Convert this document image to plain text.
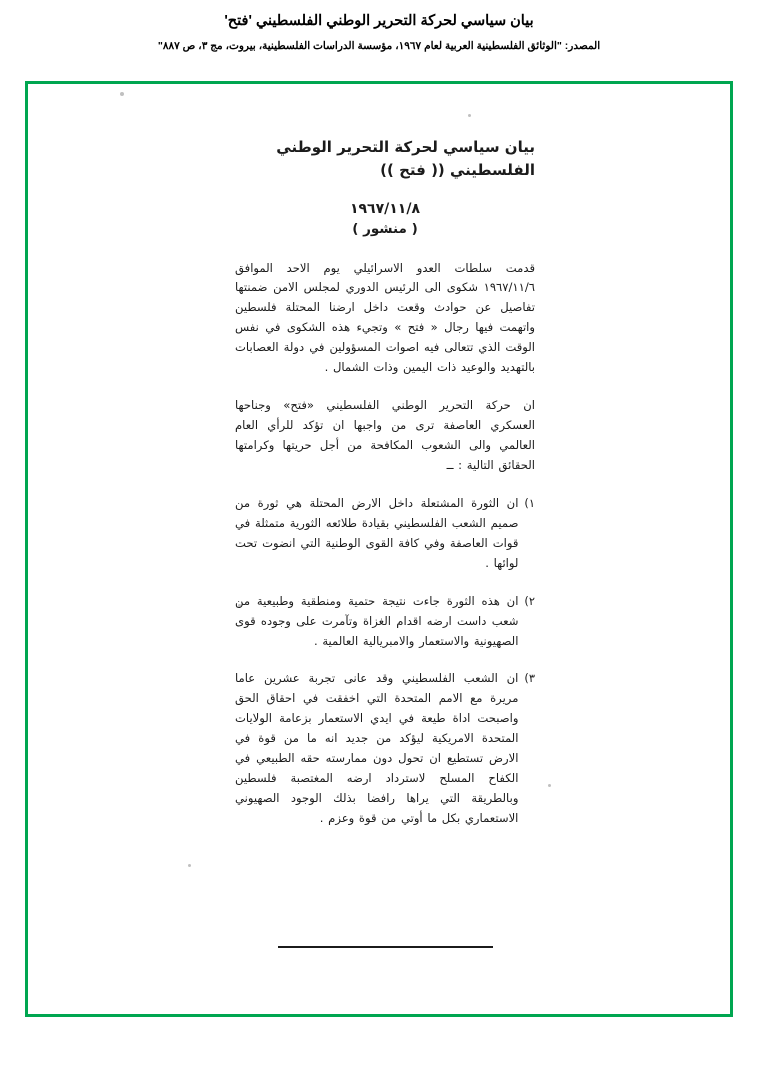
بيان سياسي لحركة التحرير الوطني الفلسطيني 'فتح'
المصدر: "الوثائق الفلسطينية العربية لعام ١٩٦٧، مؤسسة الدراسات الفلسطينية، بيروت، مج ٣، ص ٨٨٧"
بيان سياسي لحركة التحرير الوطني الفلسطيني (( فتح ))
١٩٦٧/١١/٨
( منشور )
قدمت سلطات العدو الاسرائيلي يوم الاحد الموافق ١٩٦٧/١١/٦ شكوى الى الرئيس الدوري لمجلس الامن ضمنتها تفاصيل عن حوادث وقعت داخل ارضنا المحتلة فلسطين واتهمت فيها رجال « فتح » وتجيء هذه الشكوى في نفس الوقت الذي تتعالى فيه اصوات المسؤولين في دولة العصابات بالتهديد والوعيد ذات اليمين وذات الشمال .
ان حركة التحرير الوطني الفلسطيني «فتح» وجناحها العسكري العاصفة ترى من واجبها ان تؤكد للرأي العام العالمي والى الشعوب المكافحة من أجل حريتها وكرامتها الحقائق التالية : ــ
١)
ان الثورة المشتعلة داخل الارض المحتلة هي ثورة من صميم الشعب الفلسطيني بقيادة طلائعه الثورية متمثلة في قوات العاصفة وفي كافة القوى الوطنية التي انضوت تحت لوائها .
٢)
ان هذه الثورة جاءت نتيجة حتمية ومنطقية وطبيعية من شعب داست ارضه اقدام الغزاة وتآمرت على وجوده قوى الصهيونية والاستعمار والامبريالية العالمية .
٣)
ان الشعب الفلسطيني وقد عانى تجربة عشرين عاما مريرة مع الامم المتحدة التي اخفقت في احقاق الحق واصبحت اداة طيعة في ايدي الاستعمار بزعامة الولايات المتحدة الامريكية ليؤكد من جديد انه ما من قوة في الارض تستطيع ان تحول دون ممارسته حقه الطبيعي في الكفاح المسلح لاسترداد ارضه المغتصبة فلسطين وبالطريقة التي يراها رافضا بذلك الوجود الصهيوني الاستعماري بكل ما أوتي من قوة وعزم .
